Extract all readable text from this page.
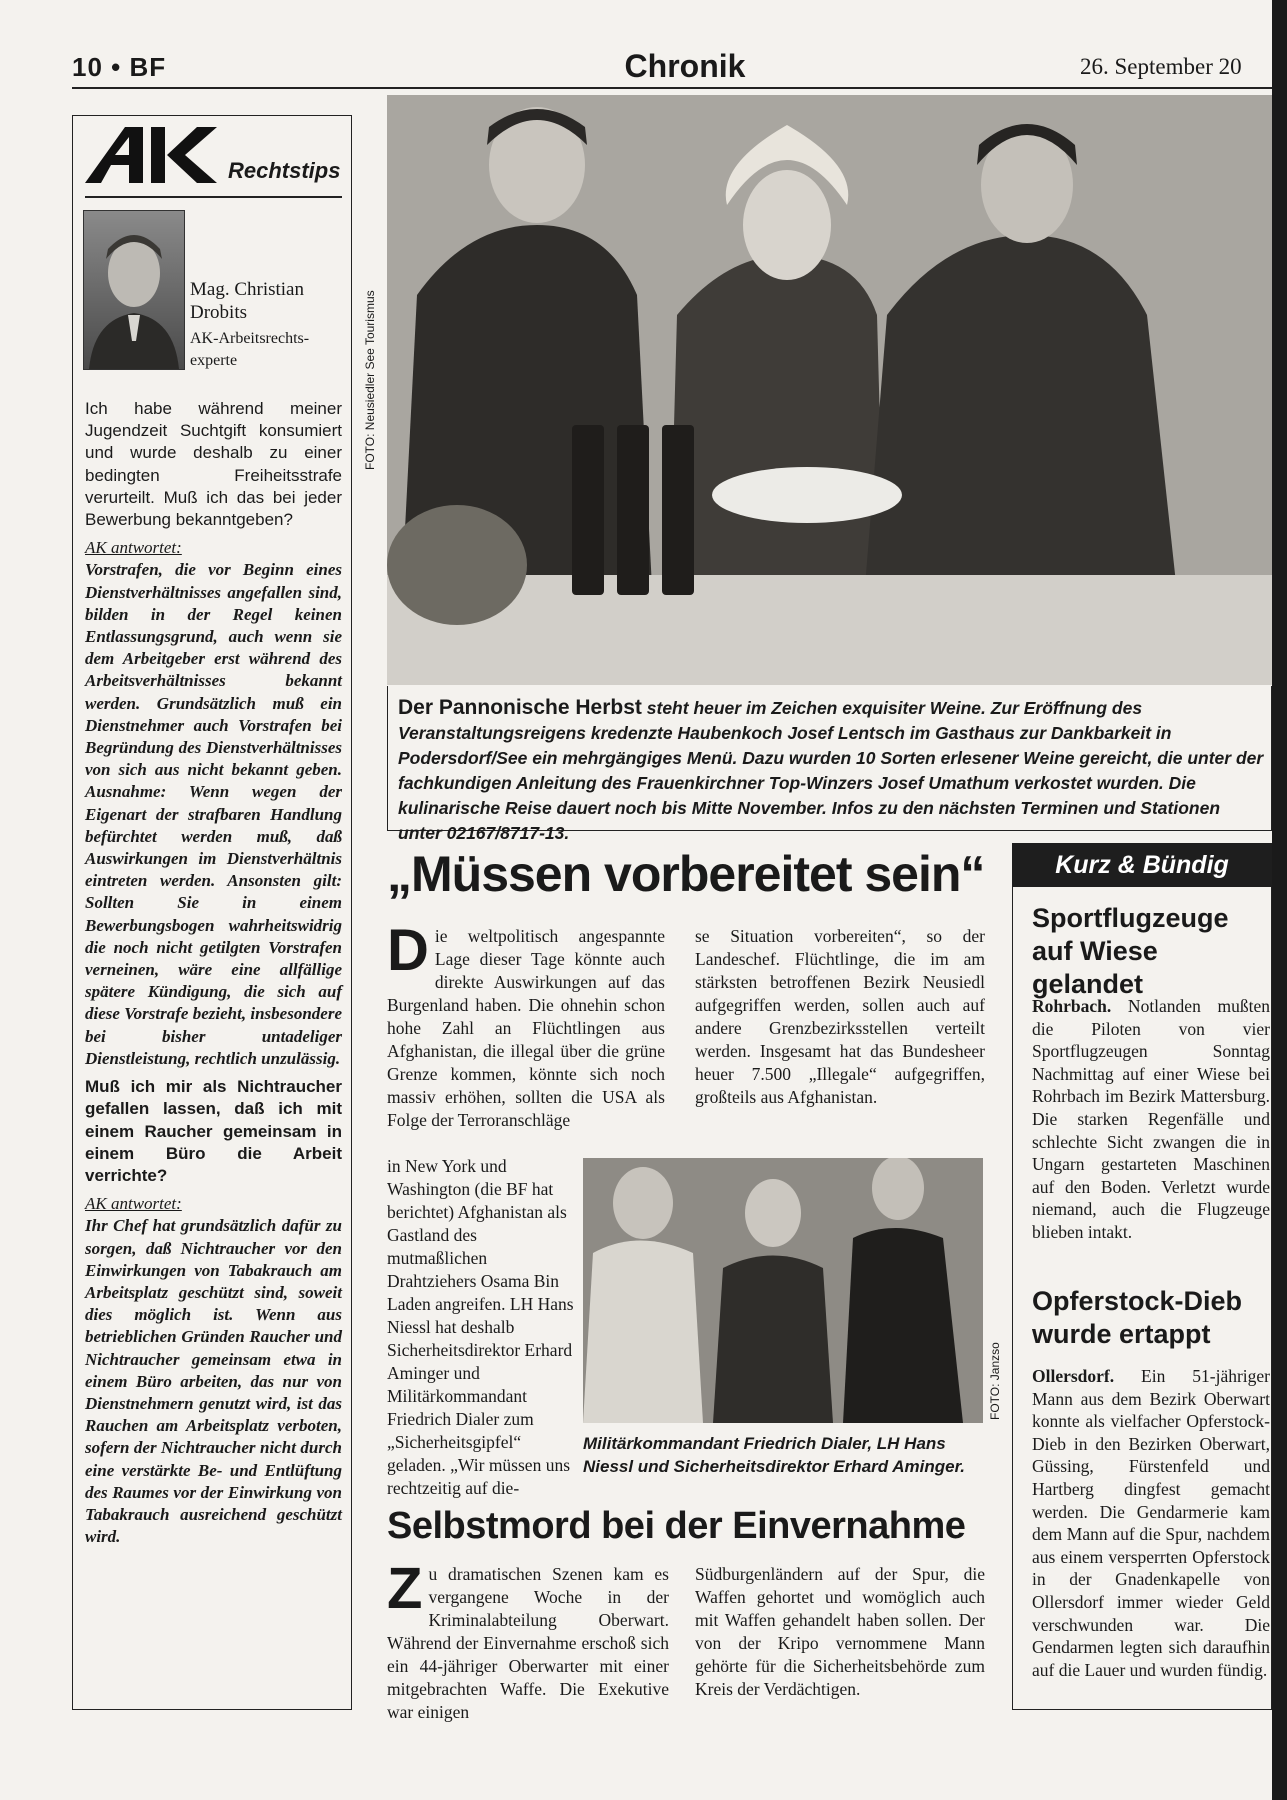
10 • BF	Chronik	26. September 20
Rechtstips
Mag. Christian Drobits
AK-Arbeitsrechts-experte

Ich habe während meiner Jugendzeit Suchtgift konsumiert und wurde deshalb zu einer bedingten Freiheitsstrafe verurteilt. Muß ich das bei jeder Bewerbung bekanntgeben?

AK antwortet:

Vorstrafen, die vor Beginn eines Dienstverhältnisses angefallen sind, bilden in der Regel keinen Entlassungsgrund, auch wenn sie dem Arbeitgeber erst während des Arbeitsverhältnisses bekannt werden. Grundsätzlich muß ein Dienstnehmer auch Vorstrafen bei Begründung des Dienstverhältnisses von sich aus nicht bekannt geben. Ausnahme: Wenn wegen der Eigenart der strafbaren Handlung befürchtet werden muß, daß Auswirkungen im Dienstverhältnis eintreten werden. Ansonsten gilt: Sollten Sie in einem Bewerbungsbogen wahrheitswidrig die noch nicht getilgten Vorstrafen verneinen, wäre eine allfällige spätere Kündigung, die sich auf diese Vorstrafe bezieht, insbesondere bei bisher untadeliger Dienstleistung, rechtlich unzulässig.

Muß ich mir als Nichtraucher gefallen lassen, daß ich mit einem Raucher gemeinsam in einem Büro die Arbeit verrichte?

AK antwortet:

Ihr Chef hat grundsätzlich dafür zu sorgen, daß Nichtraucher vor den Einwirkungen von Tabakrauch am Arbeitsplatz geschützt sind, soweit dies möglich ist. Wenn aus betrieblichen Gründen Raucher und Nichtraucher gemeinsam etwa in einem Büro arbeiten, das nur von Dienstnehmern genutzt wird, ist das Rauchen am Arbeitsplatz verboten, sofern der Nichtraucher nicht durch eine verstärkte Be- und Entlüftung des Raumes vor der Einwirkung von Tabakrauch ausreichend geschützt wird.

FOTO: Neusiedler See Tourismus
Der Pannonische Herbst steht heuer im Zeichen exquisiter Weine. Zur Eröffnung des Veranstaltungsreigens kredenzte Haubenkoch Josef Lentsch im Gasthaus zur Dankbarkeit in Podersdorf/See ein mehrgängiges Menü. Dazu wurden 10 Sorten erlesener Weine gereicht, die unter der fachkundigen Anleitung des Frauenkirchner Top-Winzers Josef Umathum verkostet wurden. Die kulinarische Reise dauert noch bis Mitte November. Infos zu den nächsten Terminen und Stationen unter 02167/8717-13.
„Müssen vorbereitet sein“
Die weltpolitisch angespannte Lage dieser Tage könnte auch direkte Auswirkungen auf das Burgenland haben. Die ohnehin schon hohe Zahl an Flüchtlingen aus Afghanistan, die illegal über die grüne Grenze kommen, könnte sich noch massiv erhöhen, sollten die USA als Folge der Terroranschläge
in New York und Washington (die BF hat berichtet) Afghanistan als Gastland des mutmaßlichen Drahtziehers Osama Bin Laden angreifen. LH Hans Niessl hat deshalb Sicherheitsdirektor Erhard Aminger und Militärkommandant Friedrich Dialer zum „Sicherheitsgipfel“ geladen. „Wir müssen uns rechtzeitig auf die-
se Situation vorbereiten“, so der Landeschef. Flüchtlinge, die im am stärksten betroffenen Bezirk Neusiedl aufgegriffen werden, sollen auch auf andere Grenzbezirksstellen verteilt werden. Insgesamt hat das Bundesheer heuer 7.500 „Illegale“ aufgegriffen, großteils aus Afghanistan.
FOTO: Janzso
Militärkommandant Friedrich Dialer, LH Hans Niessl und Sicherheitsdirektor Erhard Aminger.
Selbstmord bei der Einvernahme
Zu dramatischen Szenen kam es vergangene Woche in der Kriminalabteilung Oberwart. Während der Einvernahme erschoß sich ein 44-jähriger Oberwarter mit einer mitgebrachten Waffe. Die Exekutive war einigen
Südburgenländern auf der Spur, die Waffen gehortet und womöglich auch mit Waffen gehandelt haben sollen. Der von der Kripo vernommene Mann gehörte für die Sicherheitsbehörde zum Kreis der Verdächtigen.
Kurz & Bündig
Sportflugzeuge auf Wiese gelandet
Rohrbach. Notlanden mußten die Piloten von vier Sportflugzeugen Sonntag Nachmittag auf einer Wiese bei Rohrbach im Bezirk Mattersburg. Die starken Regenfälle und schlechte Sicht zwangen die in Ungarn gestarteten Maschinen auf den Boden. Verletzt wurde niemand, auch die Flugzeuge blieben intakt.
Opferstock-Dieb wurde ertappt
Ollersdorf. Ein 51-jähriger Mann aus dem Bezirk Oberwart konnte als vielfacher Opferstock-Dieb in den Bezirken Oberwart, Güssing, Fürstenfeld und Hartberg dingfest gemacht werden. Die Gendarmerie kam dem Mann auf die Spur, nachdem aus einem versperrten Opferstock in der Gnadenkapelle von Ollersdorf immer wieder Geld verschwunden war. Die Gendarmen legten sich daraufhin auf die Lauer und wurden fündig.
